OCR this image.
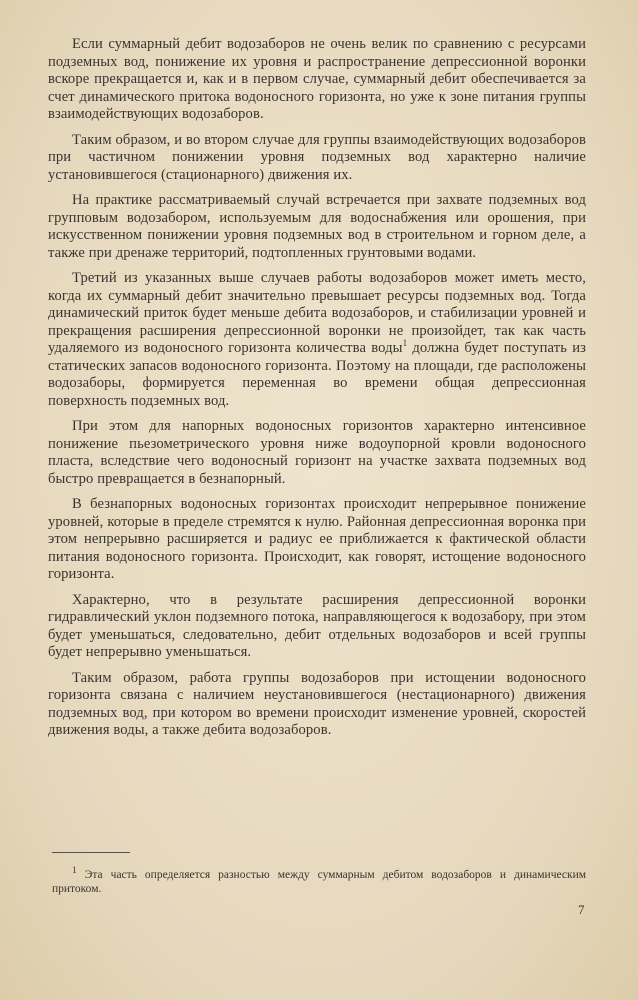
Если суммарный дебит водозаборов не очень велик по сравнению с ресурсами подземных вод, понижение их уровня и распространение депрессионной воронки вскоре прекращается и, как и в первом случае, суммарный дебит обеспечивается за счет динамического притока водоносного горизонта, но уже к зоне питания группы взаимодействующих водозаборов.

Таким образом, и во втором случае для группы взаимодействующих водозаборов при частичном понижении уровня подземных вод характерно наличие установившегося (стационарного) движения их.

На практике рассматриваемый случай встречается при захвате подземных вод групповым водозабором, используемым для водоснабжения или орошения, при искусственном понижении уровня подземных вод в строительном и горном деле, а также при дренаже территорий, подтопленных грунтовыми водами.

Третий из указанных выше случаев работы водозаборов может иметь место, когда их суммарный дебит значительно превышает ресурсы подземных вод. Тогда динамический приток будет меньше дебита водозаборов, и стабилизации уровней и прекращения расширения депрессионной воронки не произойдет, так как часть удаляемого из водоносного горизонта количества воды$^1$ должна будет поступать из статических запасов водоносного горизонта. Поэтому на площади, где расположены водозаборы, формируется переменная во времени общая депрессионная поверхность подземных вод.

При этом для напорных водоносных горизонтов характерно интенсивное понижение пьезометрического уровня ниже водоупорной кровли водоносного пласта, вследствие чего водоносный горизонт на участке захвата подземных вод быстро превращается в безнапорный.

В безнапорных водоносных горизонтах происходит непрерывное понижение уровней, которые в пределе стремятся к нулю. Районная депрессионная воронка при этом непрерывно расширяется и радиус ее приближается к фактической области питания водоносного горизонта. Происходит, как говорят, истощение водоносного горизонта.

Характерно, что в результате расширения депрессионной воронки гидравлический уклон подземного потока, направляющегося к водозабору, при этом будет уменьшаться, следовательно, дебит отдельных водозаборов и всей группы будет непрерывно уменьшаться.

Таким образом, работа группы водозаборов при истощении водоносного горизонта связана с наличием неустановившегося (нестационарного) движения подземных вод, при котором во времени происходит изменение уровней, скоростей движения воды, а также дебита водозаборов.

$^1$ Эта часть определяется разностью между суммарным дебитом водозаборов и динамическим притоком.
7
